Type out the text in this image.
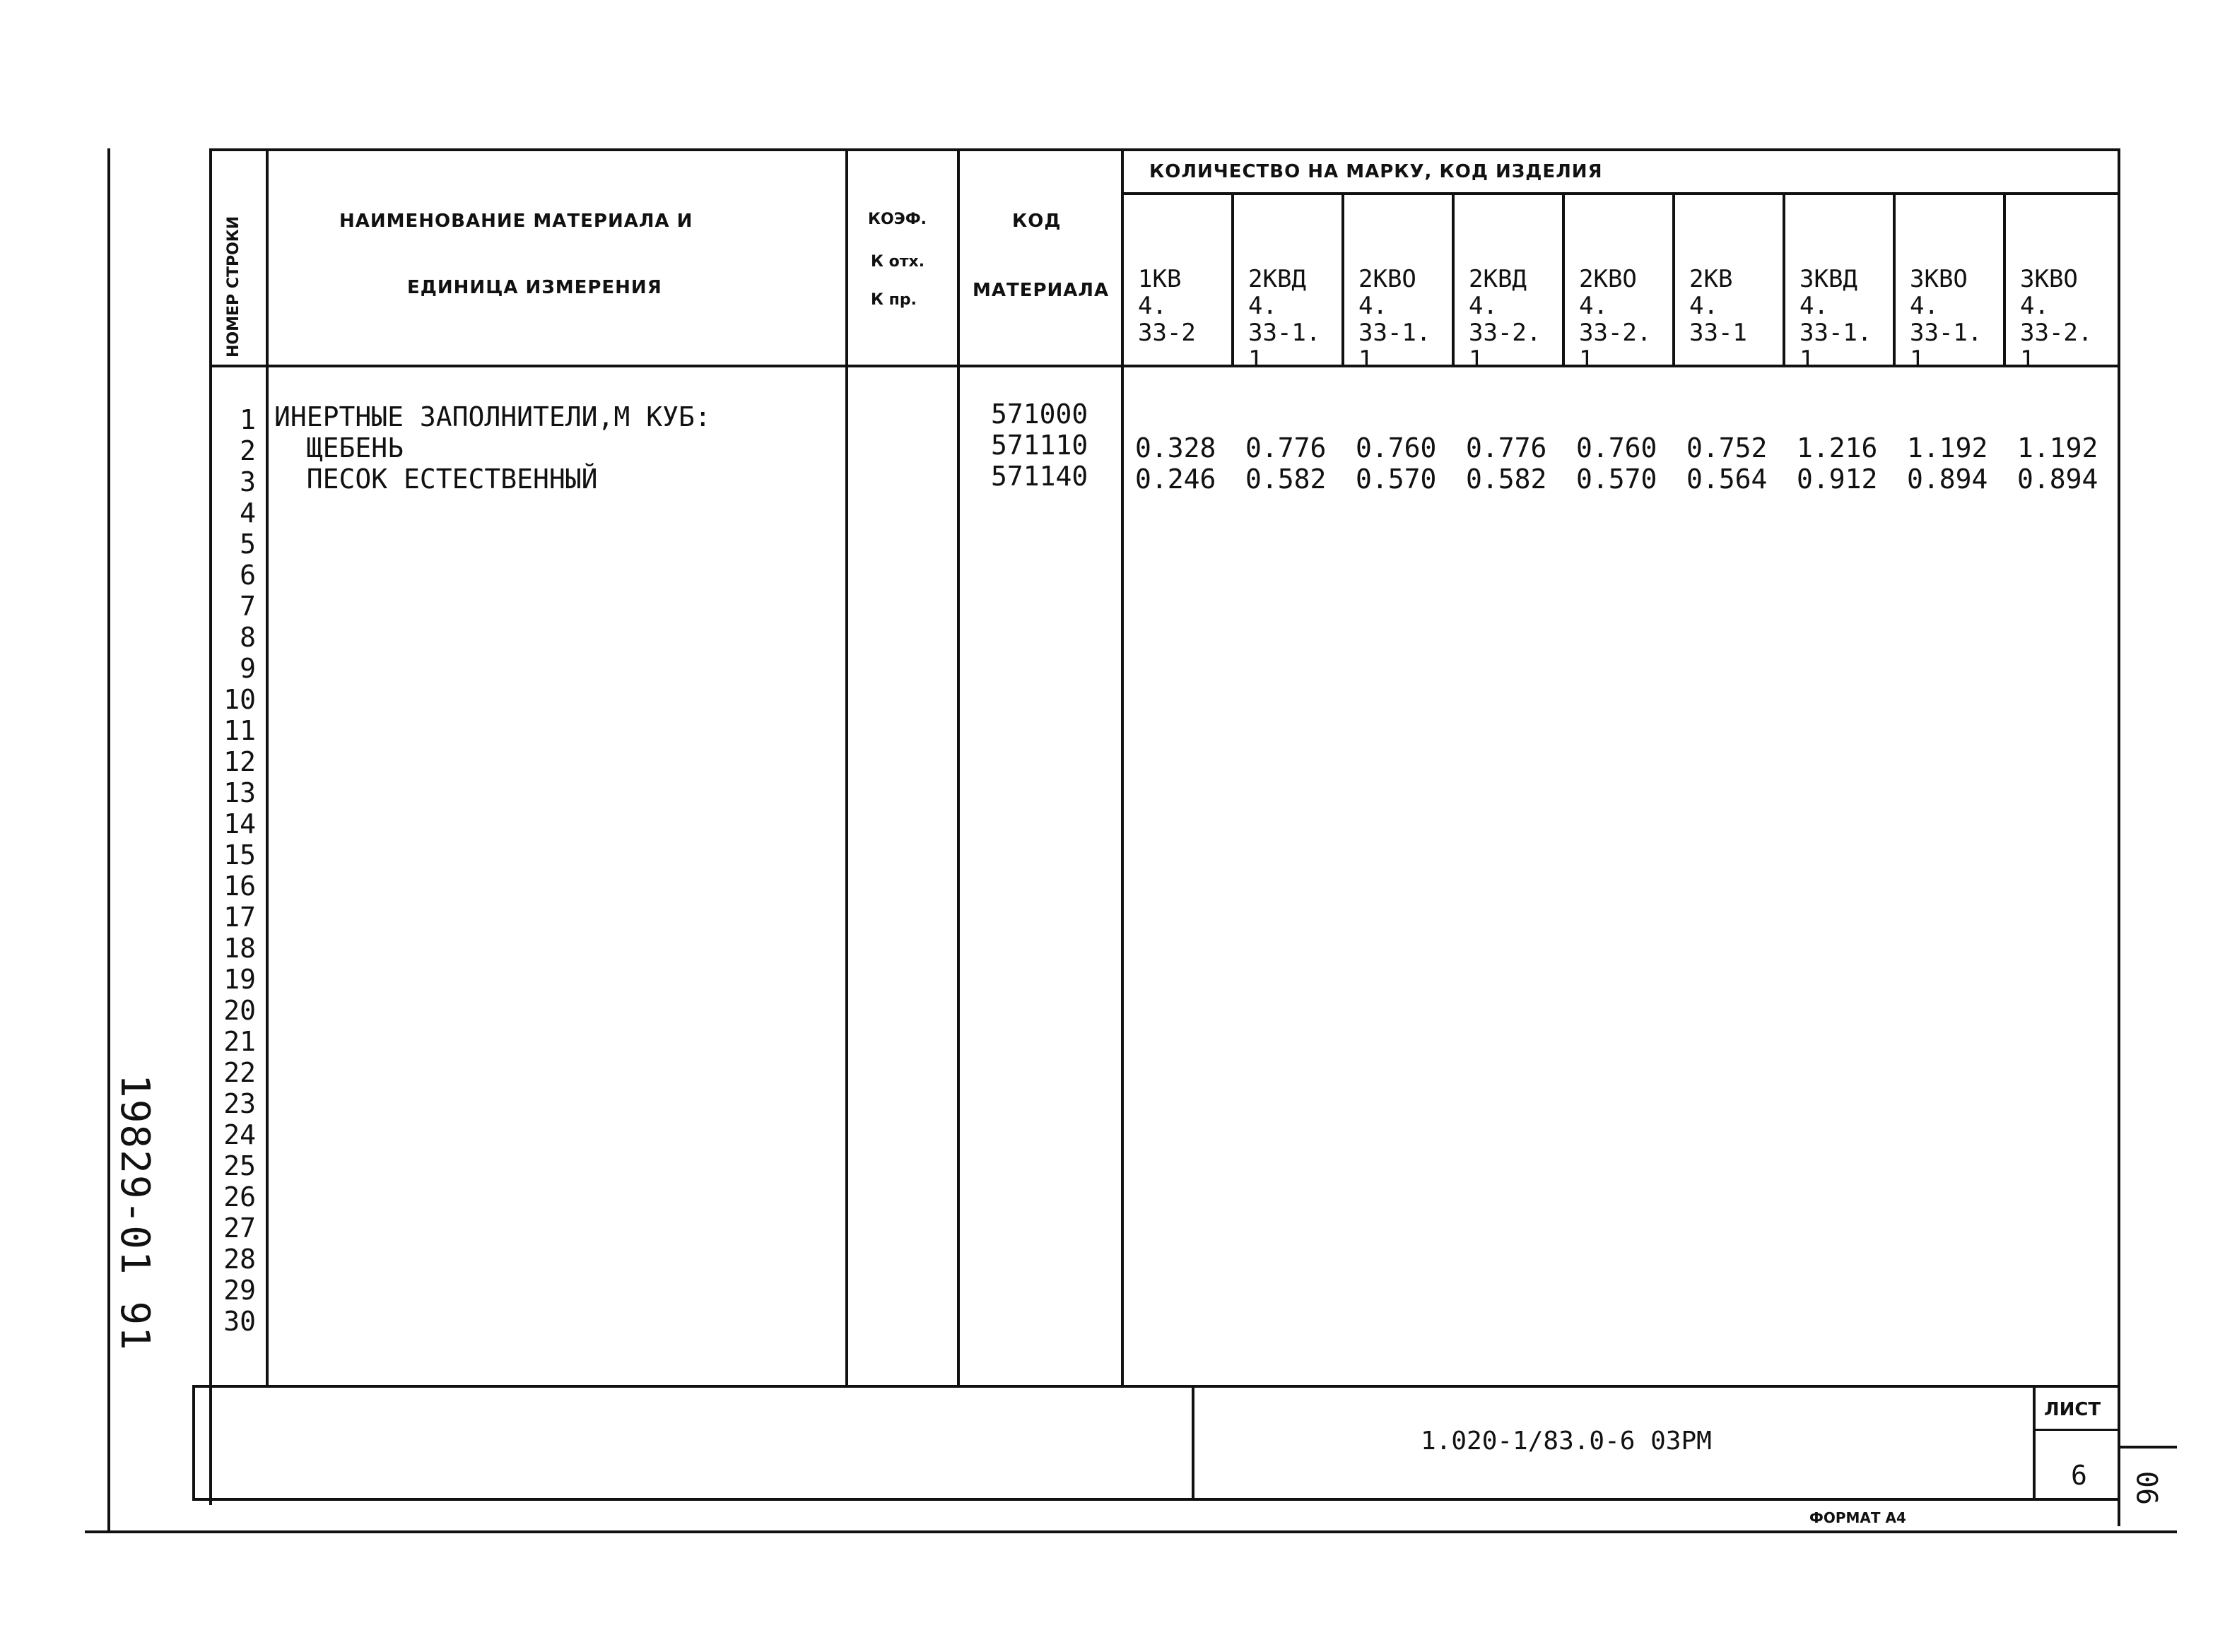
НОМЕР СТРОКИ	НАИМЕНОВАНИЕ МАТЕРИАЛА И
ЕДИНИЦА ИЗМЕРЕНИЯ
КОЭФ.
К отх.
К пр.
КОД
МАТЕРИАЛА
КОЛИЧЕСТВО НА МАРКУ, КОД ИЗДЕЛИЯ

1КВ
4.
33-2

2КВД
4.
33-1.
1

2КВО
4.
33-1.
1

2КВД
4.
33-2.
1

2КВО
4.
33-2.
1

2КВ
4.
33-1

3КВД
4.
33-1.
1

3КВО
4.
33-1.
1

3КВО
4.
33-2.
1

1
2
3
4
5
6
7
8
9
10
11
12
13
14
15
16
17
18
19
20
21
22
23
24
25
26
27
28
29
30
ИНЕРТНЫЕ ЗАПОЛНИТЕЛИ,М КУБ:
ЩЕБЕНЬ
ПЕСОК ЕСТЕСТВЕННЫЙ
571000
571110
571140
0.328 0.776 0.760 0.776 0.760 0.752 1.216 1.192 1.192
0.246 0.582 0.570 0.582 0.570 0.564 0.912 0.894 0.894
1.020-1/83.0-6 03РМ
ЛИСТ
6
ФОРМАТ А4
90
19829-01 91
